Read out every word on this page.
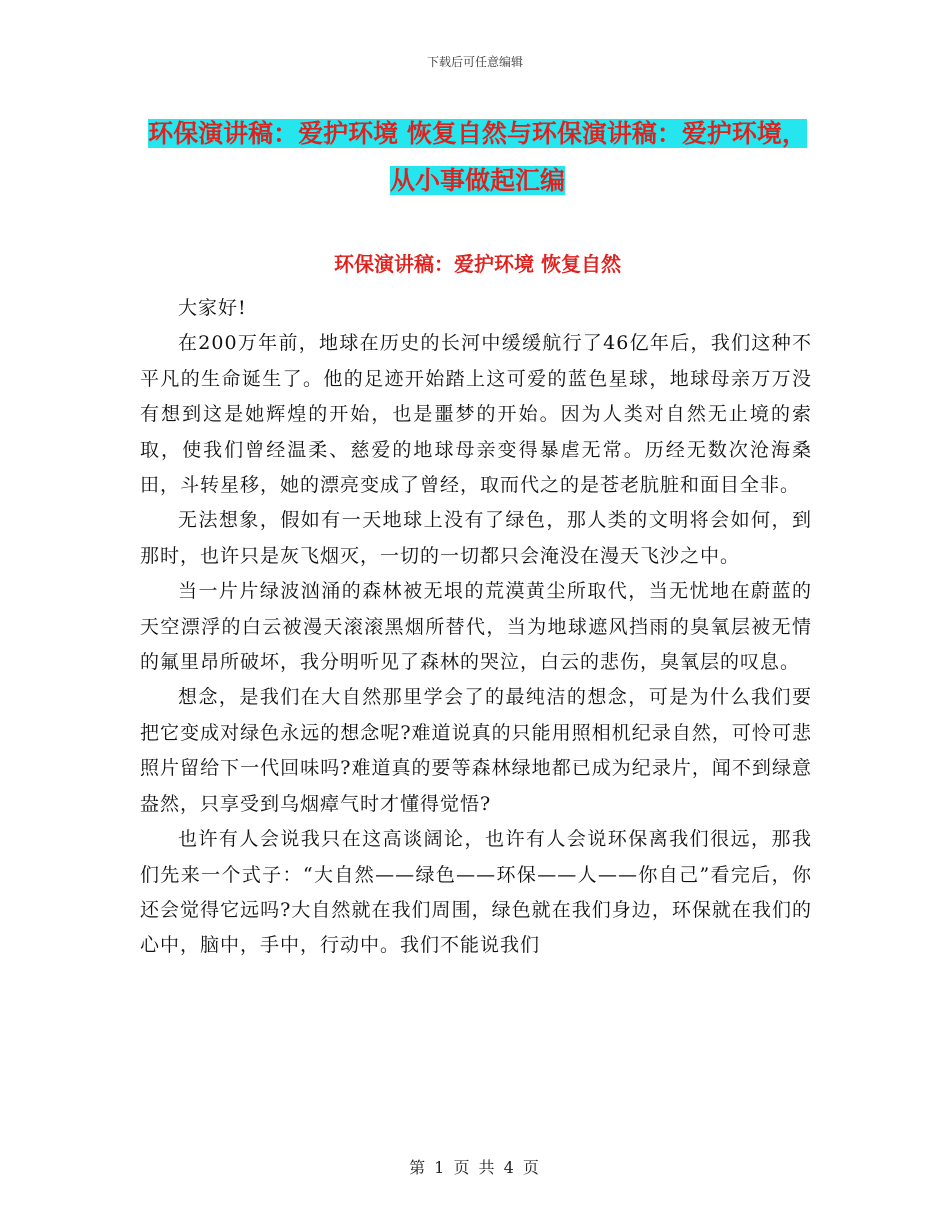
下载后可任意编辑
环保演讲稿：爱护环境 恢复自然与环保演讲稿：爱护环境，从小事做起汇编
环保演讲稿：爱护环境 恢复自然

大家好!

在200万年前，地球在历史的长河中缓缓航行了46亿年后，我们这种不平凡的生命诞生了。他的足迹开始踏上这可爱的蓝色星球，地球母亲万万没有想到这是她辉煌的开始，也是噩梦的开始。因为人类对自然无止境的索取，使我们曾经温柔、慈爱的地球母亲变得暴虐无常。历经无数次沧海桑田，斗转星移，她的漂亮变成了曾经，取而代之的是苍老肮脏和面目全非。

无法想象，假如有一天地球上没有了绿色，那人类的文明将会如何，到那时，也许只是灰飞烟灭，一切的一切都只会淹没在漫天飞沙之中。

当一片片绿波汹涌的森林被无垠的荒漠黄尘所取代，当无忧地在蔚蓝的天空漂浮的白云被漫天滚滚黑烟所替代，当为地球遮风挡雨的臭氧层被无情的氟里昂所破坏，我分明听见了森林的哭泣，白云的悲伤，臭氧层的叹息。

想念，是我们在大自然那里学会了的最纯洁的想念，可是为什么我们要把它变成对绿色永远的想念呢?难道说真的只能用照相机纪录自然，可怜可悲照片留给下一代回味吗?难道真的要等森林绿地都已成为纪录片，闻不到绿意盎然，只享受到乌烟瘴气时才懂得觉悟?

也许有人会说我只在这高谈阔论，也许有人会说环保离我们很远，那我们先来一个式子：“大自然——绿色——环保——人——你自己”看完后，你还会觉得它远吗?大自然就在我们周围，绿色就在我们身边，环保就在我们的心中，脑中，手中，行动中。我们不能说我们

第 1 页 共 4 页
